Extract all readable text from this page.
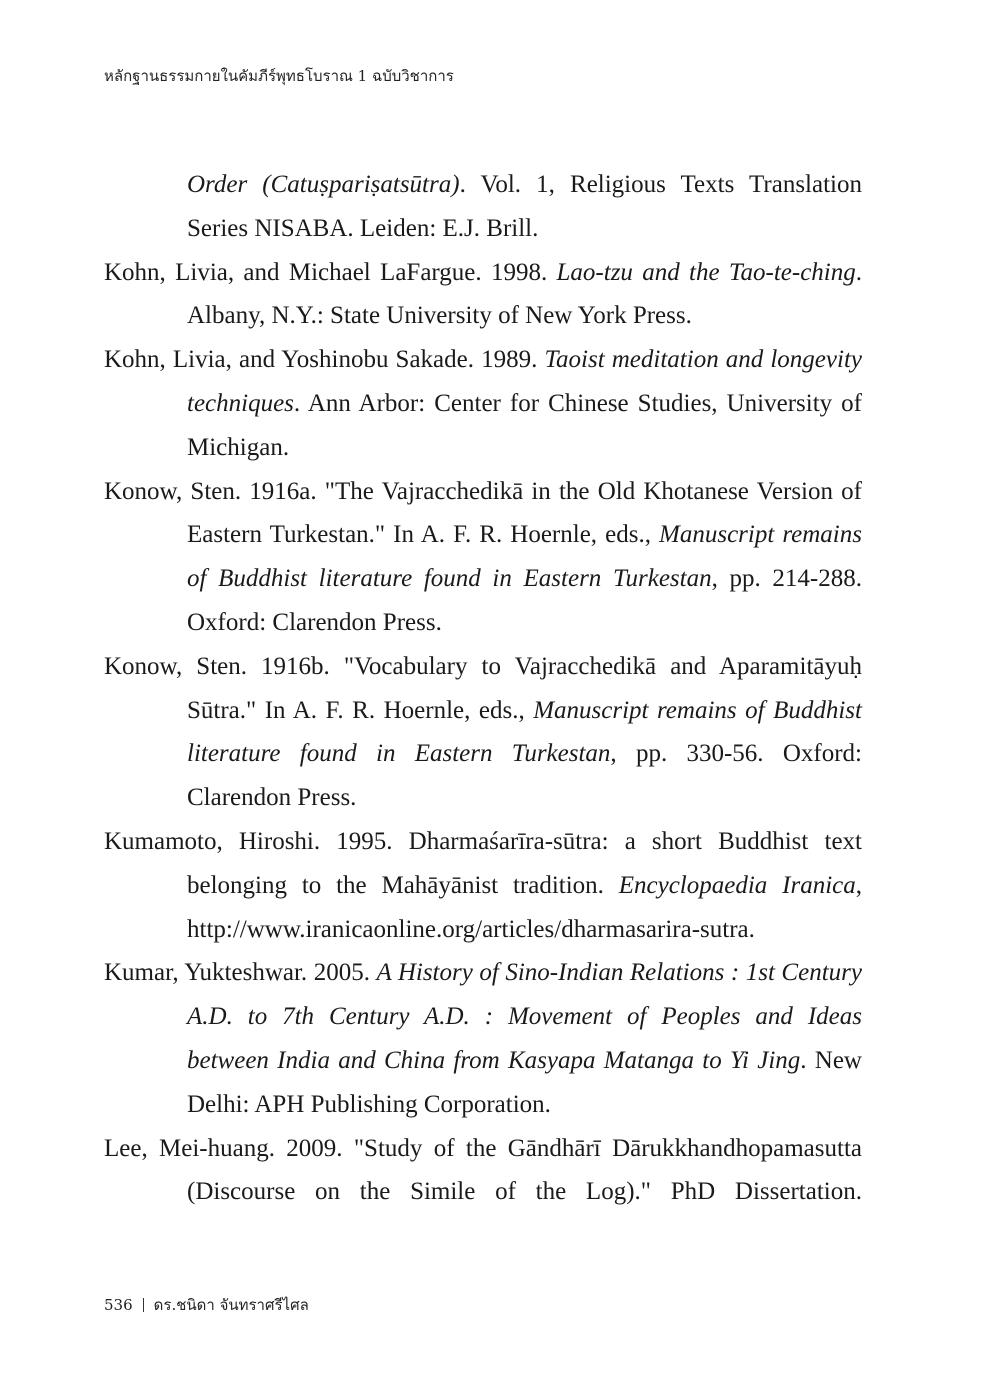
หลักฐานธรรมกายในคัมภีร์พุทธโบราณ 1 ฉบับวิชาการ
Order (Catuṣpariṣatsūtra). Vol. 1, Religious Texts Translation Series NISABA. Leiden: E.J. Brill.
Kohn, Livia, and Michael LaFargue. 1998. Lao-tzu and the Tao-te-ching. Albany, N.Y.: State University of New York Press.
Kohn, Livia, and Yoshinobu Sakade. 1989. Taoist meditation and longevity techniques. Ann Arbor: Center for Chinese Studies, University of Michigan.
Konow, Sten. 1916a. "The Vajracchedikā in the Old Khotanese Version of Eastern Turkestan." In A. F. R. Hoernle, eds., Manuscript remains of Buddhist literature found in Eastern Turkestan, pp. 214-288. Oxford: Clarendon Press.
Konow, Sten. 1916b. "Vocabulary to Vajracchedikā and Aparamitāyuḥ Sūtra." In A. F. R. Hoernle, eds., Manuscript remains of Buddhist literature found in Eastern Turkestan, pp. 330-56. Oxford: Clarendon Press.
Kumamoto, Hiroshi. 1995. Dharmaśarīra-sūtra: a short Buddhist text belonging to the Mahāyānist tradition. Encyclopaedia Iranica, http://www.iranicaonline.org/articles/dharmasarira-sutra.
Kumar, Yukteshwar. 2005. A History of Sino-Indian Relations : 1st Century A.D. to 7th Century A.D. : Movement of Peoples and Ideas between India and China from Kasyapa Matanga to Yi Jing. New Delhi: APH Publishing Corporation.
Lee, Mei-huang. 2009. "Study of the Gāndhārī Dārukkhandhopamasutta (Discourse on the Simile of the Log)." PhD Dissertation.
536 ดร.ชนิดา จันทราศรีไศล
